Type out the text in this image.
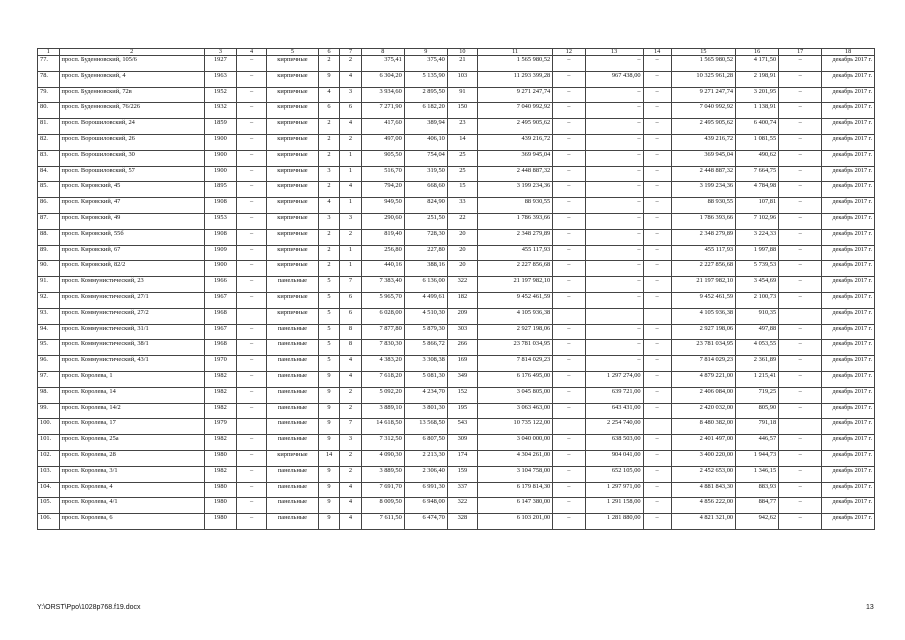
1	2	3	4	5	6	7	8	9	10	11	12	13	14	15	16	17	18
77.	просп. Буденновский, 105/6	1927	–	кирпичные	2	2	375,41	375,40	21	1 565 980,52	–	–	–	1 565 980,52	4 171,50	–	декабрь 2017 г.
78.	просп. Буденновский, 4	1963	–	кирпичные	9	4	6 304,20	5 135,90	103	11 293 399,28	–	967 438,00	–	10 325 961,28	2 198,91	–	декабрь 2017 г.
79.	просп. Буденновский, 72в	1952	–	кирпичные	4	3	3 934,60	2 895,50	91	9 271 247,74	–	–	–	9 271 247,74	3 201,95	–	декабрь 2017 г.
80.	просп. Буденновский, 76/226	1932	–	кирпичные	6	6	7 271,90	6 182,20	150	7 040 992,92	–	–	–	7 040 992,92	1 138,91	–	декабрь 2017 г.
81.	просп. Ворошиловский, 24	1859	–	кирпичные	2	4	417,60	389,94	23	2 495 905,62	–	–	–	2 495 905,62	6 400,74	–	декабрь 2017 г.
82.	просп. Ворошиловский, 26	1900	–	кирпичные	2	2	497,00	406,10	14	439 216,72	–	–	–	439 216,72	1 081,55	–	декабрь 2017 г.
83.	просп. Ворошиловский, 30	1900	–	кирпичные	2	1	905,50	754,04	25	369 945,04	–	–	–	369 945,04	490,62	–	декабрь 2017 г.
84.	просп. Ворошиловский, 57	1900	–	кирпичные	3	1	516,70	319,50	25	2 448 887,32	–	–	–	2 448 887,32	7 664,75	–	декабрь 2017 г.
85.	просп. Кировский, 45	1895	–	кирпичные	2	4	794,20	668,60	15	3 199 234,36	–	–	–	3 199 234,36	4 784,98	–	декабрь 2017 г.
86.	просп. Кировский, 47	1908	–	кирпичные	4	1	949,50	824,90	33	88 930,55	–	–	–	88 930,55	107,81	–	декабрь 2017 г.
87.	просп. Кировский, 49	1953	–	кирпичные	3	3	290,60	251,50	22	1 786 393,66	–	–	–	1 786 393,66	7 102,96	–	декабрь 2017 г.
88.	просп. Кировский, 55б	1908	–	кирпичные	2	2	819,40	728,30	20	2 348 279,89	–	–	–	2 348 279,89	3 224,33	–	декабрь 2017 г.
89.	просп. Кировский, 67	1909	–	кирпичные	2	1	256,80	227,80	20	455 117,93	–	–	–	455 117,93	1 997,88	–	декабрь 2017 г.
90.	просп. Кировский, 82/2	1900	–	кирпичные	2	1	440,16	388,16	20	2 227 856,68	–	–	–	2 227 856,68	5 739,53	–	декабрь 2017 г.
91.	просп. Коммунистический, 23	1966	–	панельные	5	7	7 383,40	6 136,00	322	21 197 982,10	–	–	–	21 197 982,10	3 454,69	–	декабрь 2017 г.
92.	просп. Коммунистический, 27/1	1967	–	кирпичные	5	6	5 965,70	4 499,61	182	9 452 461,59	–	–	–	9 452 461,59	2 100,73	–	декабрь 2017 г.
93.	просп. Коммунистический, 27/2	1968		кирпичные	5	6	6 028,00	4 510,30	209	4 105 936,38				4 105 936,38	910,35		декабрь 2017 г.
94.	просп. Коммунистический, 31/1	1967	–	панельные	5	8	7 877,80	5 879,30	303	2 927 198,06	–	–	–	2 927 198,06	497,88	–	декабрь 2017 г.
95.	просп. Коммунистический, 38/1	1968	–	панельные	5	8	7 830,30	5 866,72	266	23 781 034,95	–	–	–	23 781 034,95	4 053,55	–	декабрь 2017 г.
96.	просп. Коммунистический, 43/1	1970	–	панельные	5	4	4 383,20	3 308,38	169	7 814 029,23	–	–	–	7 814 029,23	2 361,89	–	декабрь 2017 г.
97.	просп. Королева, 1	1982	–	панельные	9	4	7 618,20	5 081,30	349	6 176 495,00	–	1 297 274,00	–	4 879 221,00	1 215,41	–	декабрь 2017 г.
98.	просп. Королева, 14	1982	–	панельные	9	2	5 092,20	4 234,70	152	3 045 805,00	–	639 721,00	–	2 406 084,00	719,25	–	декабрь 2017 г.
99.	просп. Королева, 14/2	1982	–	панельные	9	2	3 889,10	3 801,30	195	3 063 463,00	–	643 431,00	–	2 420 032,00	805,90	–	декабрь 2017 г.
100.	просп. Королева, 17	1979		панельные	9	7	14 618,50	13 568,50	543	10 735 122,00		2 254 740,00		8 480 382,00	791,18		декабрь 2017 г.
101.	просп. Королева, 25а	1982	–	панельные	9	3	7 312,50	6 807,50	309	3 040 000,00	–	638 503,00	–	2 401 497,00	446,57	–	декабрь 2017 г.
102.	просп. Королева, 28	1980	–	кирпичные	14	2	4 090,30	2 213,30	174	4 304 261,00	–	904 041,00	–	3 400 220,00	1 944,73	–	декабрь 2017 г.
103.	просп. Королева, 3/1	1982	–	панельные	9	2	3 889,50	2 306,40	159	3 104 758,00	–	652 105,00	–	2 452 653,00	1 346,15	–	декабрь 2017 г.
104.	просп. Королева, 4	1980	–	панельные	9	4	7 691,70	6 991,30	337	6 179 814,30	–	1 297 971,00	–	4 881 843,30	883,93	–	декабрь 2017 г.
105.	просп. Королева, 4/1	1980	–	панельные	9	4	8 009,50	6 948,00	322	6 147 380,00	–	1 291 158,00	–	4 856 222,00	884,77	–	декабрь 2017 г.
106.	просп. Королева, 6	1980	–	панельные	9	4	7 611,50	6 474,70	328	6 103 201,00	–	1 281 880,00	–	4 821 321,00	942,62	–	декабрь 2017 г.
Y:\ORST\Ppo\1028p768.f19.docx	13
